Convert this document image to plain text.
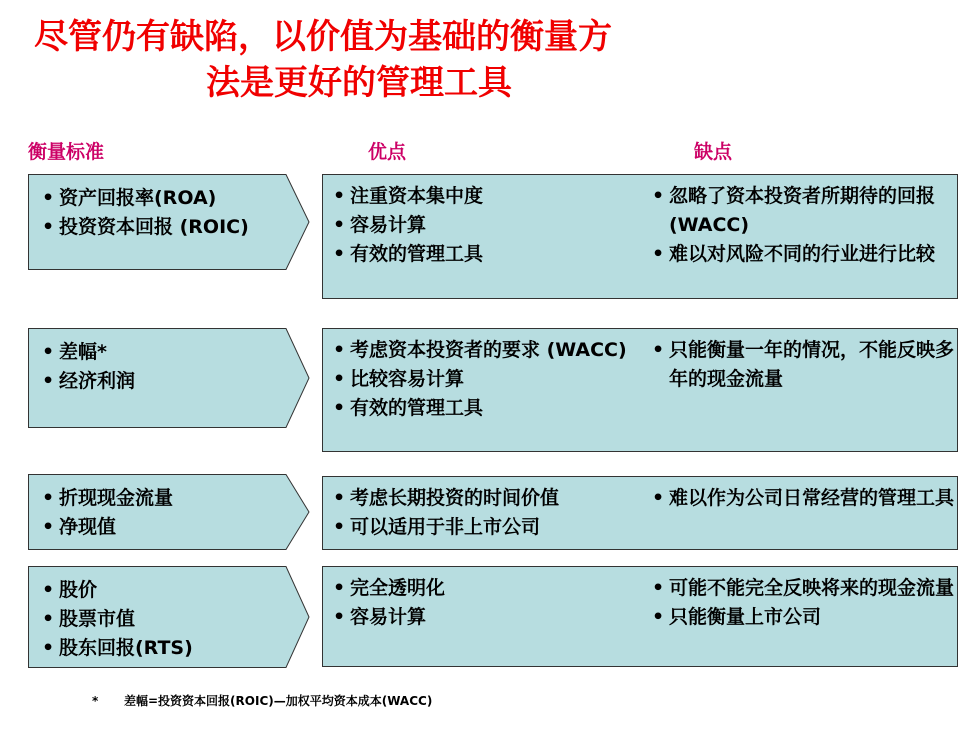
尽管仍有缺陷，以价值为基础的衡量方
法是更好的管理工具
衡量标准	优点	缺点
• 资产回报率(ROA)
• 投资资本回报 (ROIC)
• 注重资本集中度
• 容易计算
• 有效的管理工具
• 忽略了资本投资者所期待的回报(WACC)
• 难以对风险不同的行业进行比较
• 差幅*
• 经济利润
• 考虑资本投资者的要求 (WACC)
• 比较容易计算
• 有效的管理工具
• 只能衡量一年的情况，不能反映多年的现金流量
• 折现现金流量
• 净现值
• 考虑长期投资的时间价值
• 可以适用于非上市公司
• 难以作为公司日常经营的管理工具
• 股价
• 股票市值
• 股东回报(RTS)
• 完全透明化
• 容易计算
• 可能不能完全反映将来的现金流量
• 只能衡量上市公司
* 差幅=投资资本回报(ROIC)—加权平均资本成本(WACC)
